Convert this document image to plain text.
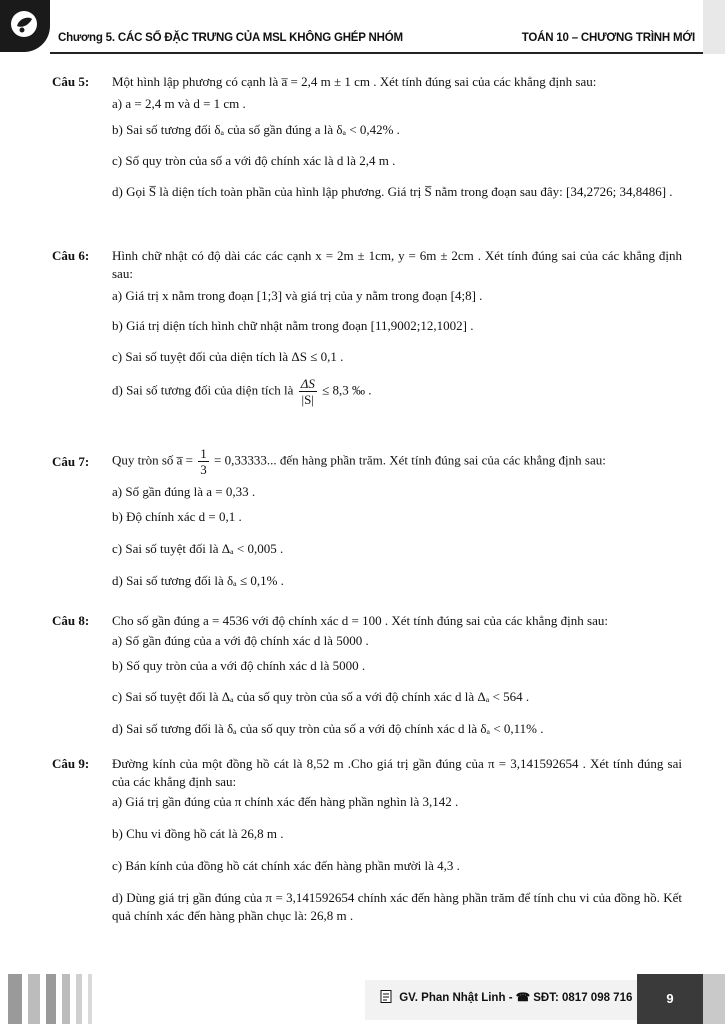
Chương 5. CÁC SỐ ĐẶC TRƯNG CỦA MSL KHÔNG GHÉP NHÓM	TOÁN 10 – CHƯƠNG TRÌNH MỚI
Câu 5: Một hình lập phương có cạnh là a̅ = 2,4 m ± 1 cm . Xét tính đúng sai của các khẳng định sau:
a) a = 2,4 m và d = 1 cm .
b) Sai số tương đối δₐ của số gần đúng a là δₐ < 0,42% .
c) Số quy tròn của số a với độ chính xác là d là 2,4 m .
d) Gọi S̅ là diện tích toàn phần của hình lập phương. Giá trị S̅ nằm trong đoạn sau đây: [34,2726; 34,8486] .
Câu 6: Hình chữ nhật có độ dài các các cạnh x = 2m ± 1cm, y = 6m ± 2cm . Xét tính đúng sai của các khẳng định sau:
a) Giá trị x nằm trong đoạn [1;3] và giá trị của y nằm trong đoạn [4;8] .
b) Giá trị diện tích hình chữ nhật nằm trong đoạn [11,9002;12,1002] .
c) Sai số tuyệt đối của diện tích là ΔS ≤ 0,1 .
d) Sai số tương đối của diện tích là $\frac{\Delta S}{|S|} \le 8,3$ ‰ .
Câu 7: Quy tròn số a̅ = $\frac{1}{3} = 0,33333$... đến hàng phần trăm. Xét tính đúng sai của các khẳng định sau:
a) Số gần đúng là a = 0,33 .
b) Độ chính xác d = 0,1 .
c) Sai số tuyệt đối là Δₐ < 0,005 .
d) Sai số tương đối là δₐ ≤ 0,1% .
Câu 8: Cho số gần đúng a = 4536 với độ chính xác d = 100 . Xét tính đúng sai của các khẳng định sau:
a) Số gần đúng của a với độ chính xác d là 5000 .
b) Số quy tròn của a với độ chính xác d là 5000 .
c) Sai số tuyệt đối là Δₐ của số quy tròn của số a với độ chính xác d là Δₐ < 564 .
d) Sai số tương đối là δₐ của số quy tròn của số a với độ chính xác d là δₐ < 0,11% .
Câu 9: Đường kính của một đồng hồ cát là 8,52 m .Cho giá trị gần đúng của π = 3,141592654 . Xét tính đúng sai của các khẳng định sau:
a) Giá trị gần đúng của π chính xác đến hàng phần nghìn là 3,142 .
b) Chu vi đồng hồ cát là 26,8 m .
c) Bán kính của đồng hồ cát chính xác đến hàng phần mười là 4,3 .
d) Dùng giá trị gần đúng của π = 3,141592654 chính xác đến hàng phần trăm để tính chu vi của đồng hồ. Kết quả chính xác đến hàng phần chục là: 26,8 m .
GV. Phan Nhật Linh - ☎ SĐT: 0817 098 716	9
